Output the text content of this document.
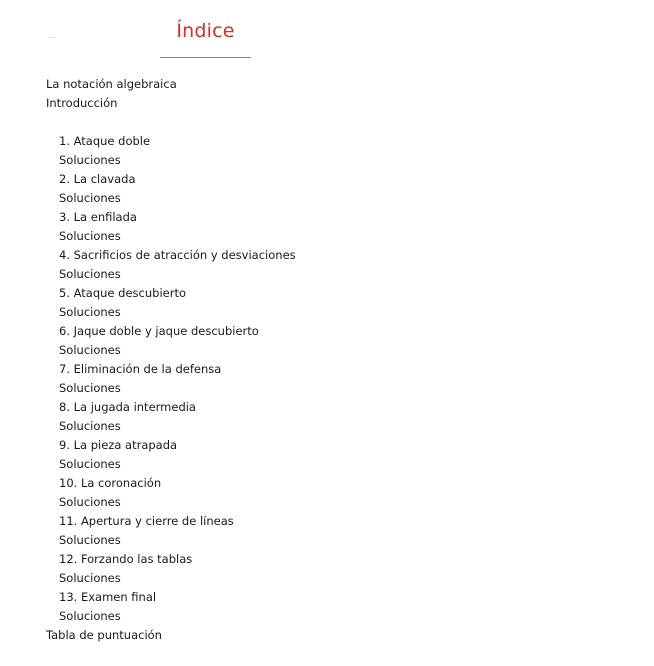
Índice
La notación algebraica
Introducción
1. Ataque doble
Soluciones
2. La clavada
Soluciones
3. La enfilada
Soluciones
4. Sacrificios de atracción y desviaciones
Soluciones
5. Ataque descubierto
Soluciones
6. Jaque doble y jaque descubierto
Soluciones
7. Eliminación de la defensa
Soluciones
8. La jugada intermedia
Soluciones
9. La pieza atrapada
Soluciones
10. La coronación
Soluciones
11. Apertura y cierre de líneas
Soluciones
12. Forzando las tablas
Soluciones
13. Examen final
Soluciones
Tabla de puntuación
